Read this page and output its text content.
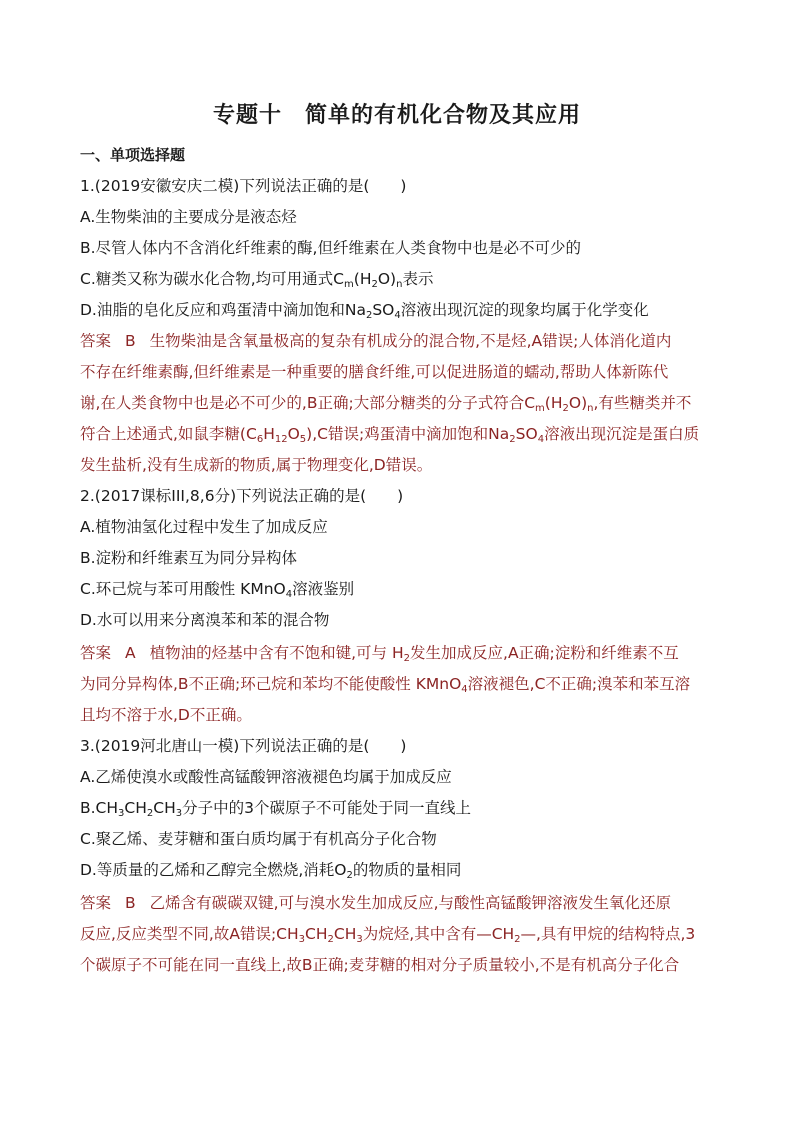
专题十　简单的有机化合物及其应用
一、单项选择题
1.(2019安徽安庆二模)下列说法正确的是(　　)
A.生物柴油的主要成分是液态烃
B.尽管人体内不含消化纤维素的酶,但纤维素在人类食物中也是必不可少的
C.糖类又称为碳水化合物,均可用通式$C_m(H_2O)_n$表示
D.油脂的皂化反应和鸡蛋清中滴加饱和$Na_2SO_4$溶液出现沉淀的现象均属于化学变化
答案 B 生物柴油是含氧量极高的复杂有机成分的混合物,不是烃,A错误;人体消化道内
不存在纤维素酶,但纤维素是一种重要的膳食纤维,可以促进肠道的蠕动,帮助人体新陈代
谢,在人类食物中也是必不可少的,B正确;大部分糖类的分子式符合$C_m(H_2O)_n$,有些糖类并不
符合上述通式,如鼠李糖$(C_6H_{12}O_5),C$错误;鸡蛋清中滴加饱和$Na_2SO_4$溶液出现沉淀是蛋白质
发生盐析,没有生成新的物质,属于物理变化,D错误。
2.(2017课标III,8,6分)下列说法正确的是(　　)
A.植物油氢化过程中发生了加成反应
B.淀粉和纤维素互为同分异构体
C.环己烷与苯可用酸性 KMnO$_4$溶液鉴别
D.水可以用来分离溴苯和苯的混合物
答案 A 植物油的烃基中含有不饱和键,可与 $H_2$发生加成反应,A正确;淀粉和纤维素不互
为同分异构体,B不正确;环己烷和苯均不能使酸性 KMnO$_4$溶液褪色,C不正确;溴苯和苯互溶
且均不溶于水,D不正确。
3.(2019河北唐山一模)下列说法正确的是(　　)
A.乙烯使溴水或酸性高锰酸钾溶液褪色均属于加成反应
$B.CH_3CH_2CH_3$分子中的3个碳原子不可能处于同一直线上
C.聚乙烯、麦芽糖和蛋白质均属于有机高分子化合物
D.等质量的乙烯和乙醇完全燃烧,消耗$O_2$的物质的量相同
答案 B 乙烯含有碳碳双键,可与溴水发生加成反应,与酸性高锰酸钾溶液发生氧化还原
反应,反应类型不同,故A错误$;CH_3CH_2CH_3$为烷烃,其中含有$—CH_2—$,具有甲烷的结构特点,3
个碳原子不可能在同一直线上,故B正确;麦芽糖的相对分子质量较小,不是有机高分子化合
